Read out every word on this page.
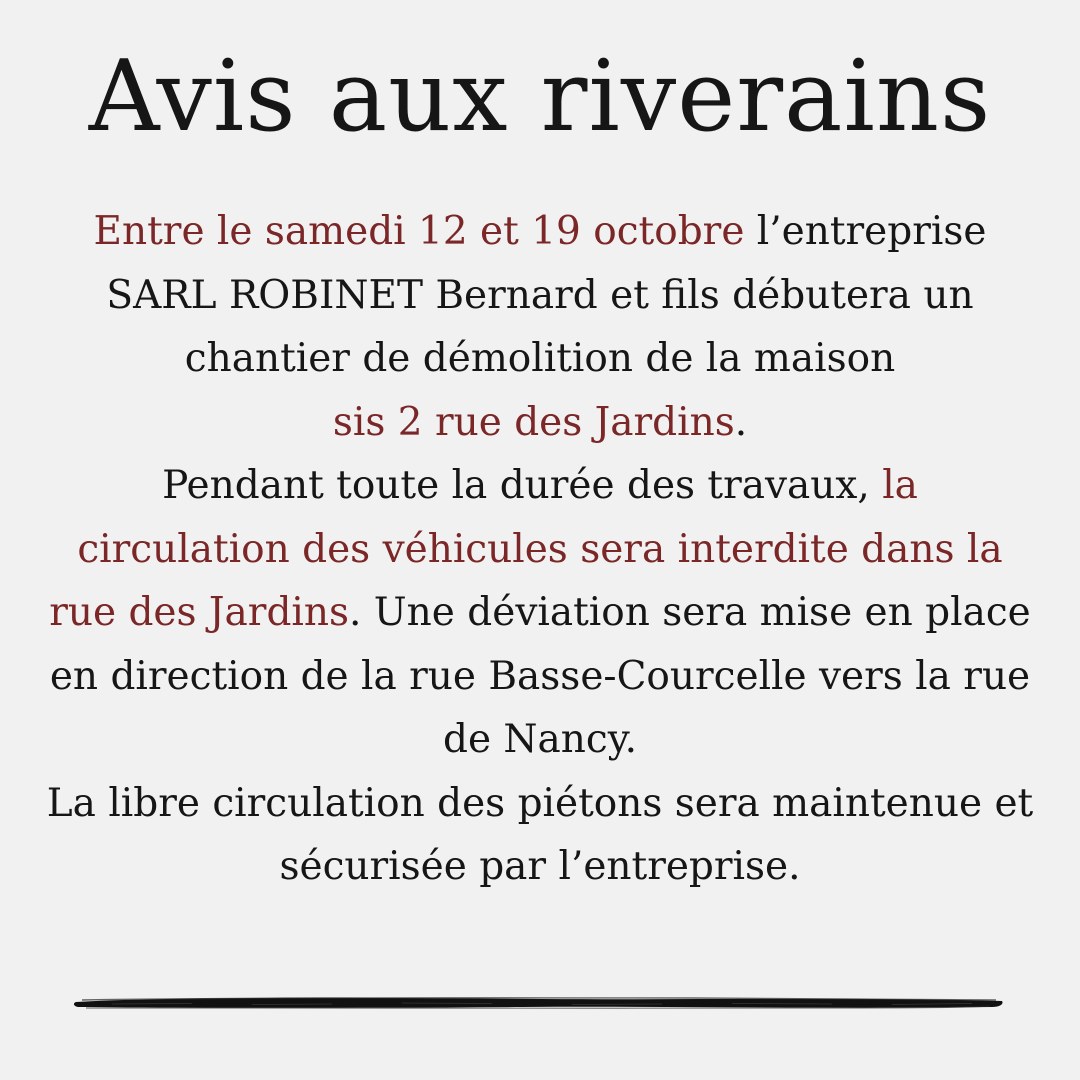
Avis aux riverains
Entre le samedi 12 et 19 octobre l’entreprise
SARL ROBINET Bernard et fils débutera un
chantier de démolition de la maison
sis 2 rue des Jardins.
Pendant toute la durée des travaux, la
circulation des véhicules sera interdite dans la
rue des Jardins. Une déviation sera mise en place
en direction de la rue Basse-Courcelle vers la rue
de Nancy.
La libre circulation des piétons sera maintenue et
sécurisée par l’entreprise.
